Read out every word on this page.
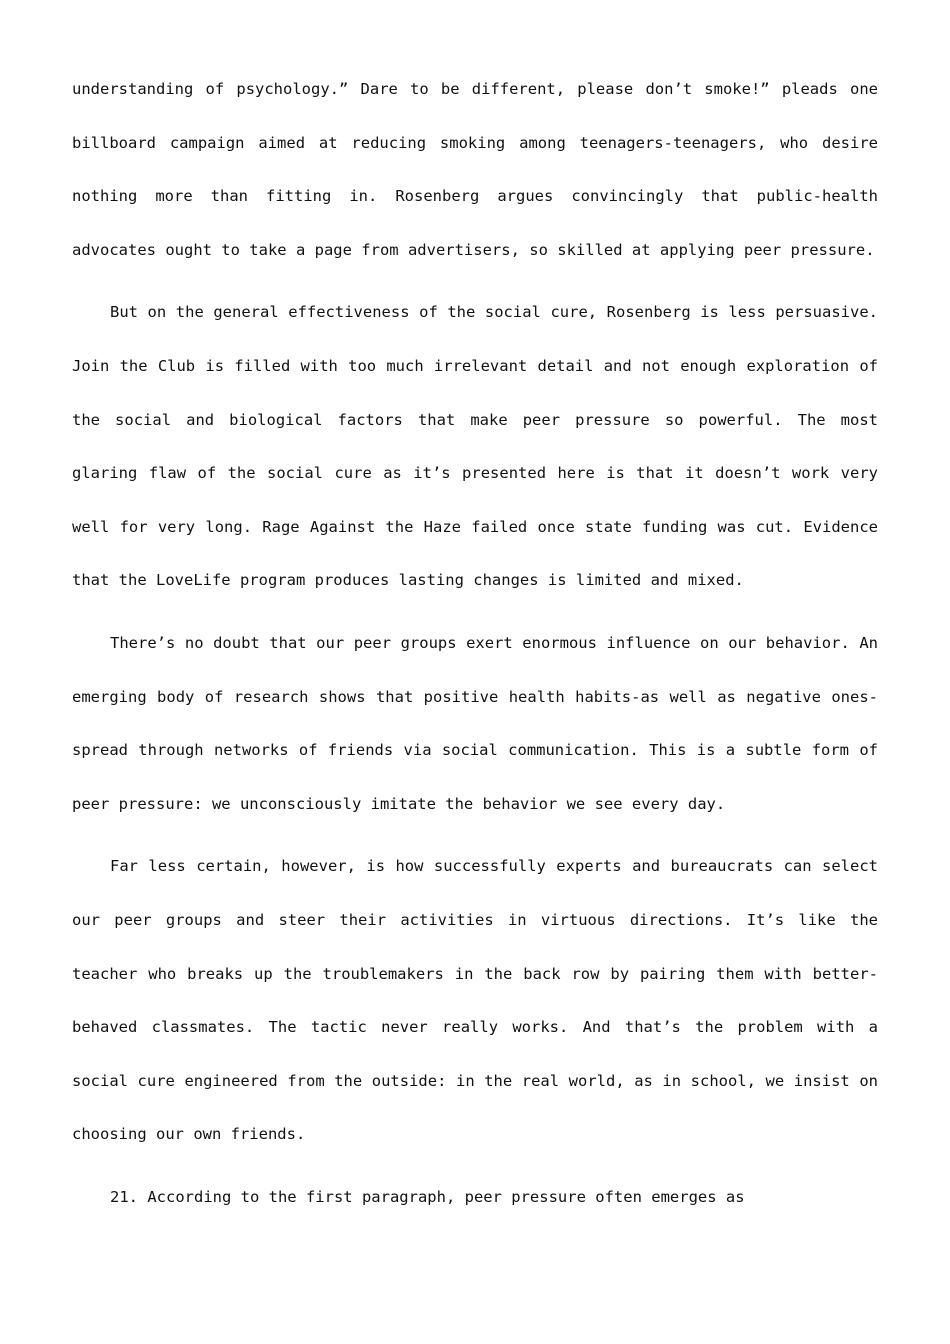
understanding of psychology.” Dare to be different, please don’t smoke!” pleads one billboard campaign aimed at reducing smoking among teenagers-teenagers, who desire nothing more than fitting in. Rosenberg argues convincingly that public-health advocates ought to take a page from advertisers, so skilled at applying peer pressure.

But on the general effectiveness of the social cure, Rosenberg is less persuasive. Join the Club is filled with too much irrelevant detail and not enough exploration of the social and biological factors that make peer pressure so powerful. The most glaring flaw of the social cure as it’s presented here is that it doesn’t work very well for very long. Rage Against the Haze failed once state funding was cut. Evidence that the LoveLife program produces lasting changes is limited and mixed.

There’s no doubt that our peer groups exert enormous influence on our behavior. An emerging body of research shows that positive health habits-as well as negative ones-spread through networks of friends via social communication. This is a subtle form of peer pressure: we unconsciously imitate the behavior we see every day.

Far less certain, however, is how successfully experts and bureaucrats can select our peer groups and steer their activities in virtuous directions. It’s like the teacher who breaks up the troublemakers in the back row by pairing them with better-behaved classmates. The tactic never really works. And that’s the problem with a social cure engineered from the outside: in the real world, as in school, we insist on choosing our own friends.

21. According to the first paragraph, peer pressure often emerges as
